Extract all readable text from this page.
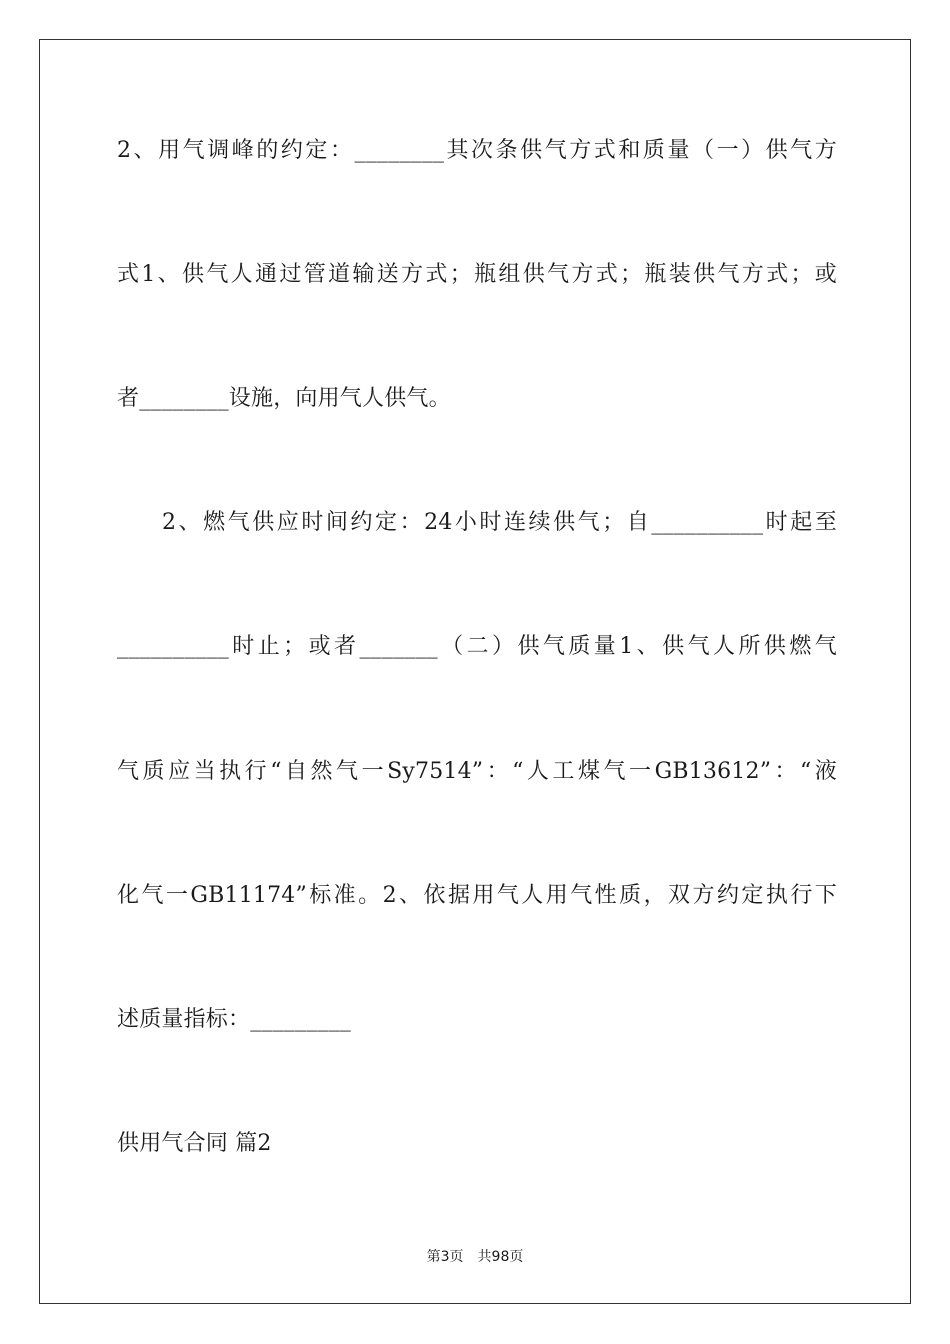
2、用气调峰的约定：________其次条供气方式和质量（一）供气方
式1、供气人通过管道输送方式；瓶组供气方式；瓶装供气方式；或
者________设施，向用气人供气。
2、燃气供应时间约定：24小时连续供气；自__________时起至
__________时止；或者_______（二）供气质量1、供气人所供燃气
气质应当执行“自然气一Sy7514”：“人工煤气一GB13612”：“液
化气一GB11174”标准。2、依据用气人用气性质，双方约定执行下
述质量指标：_________
供用气合同 篇2
第3页 共98页
